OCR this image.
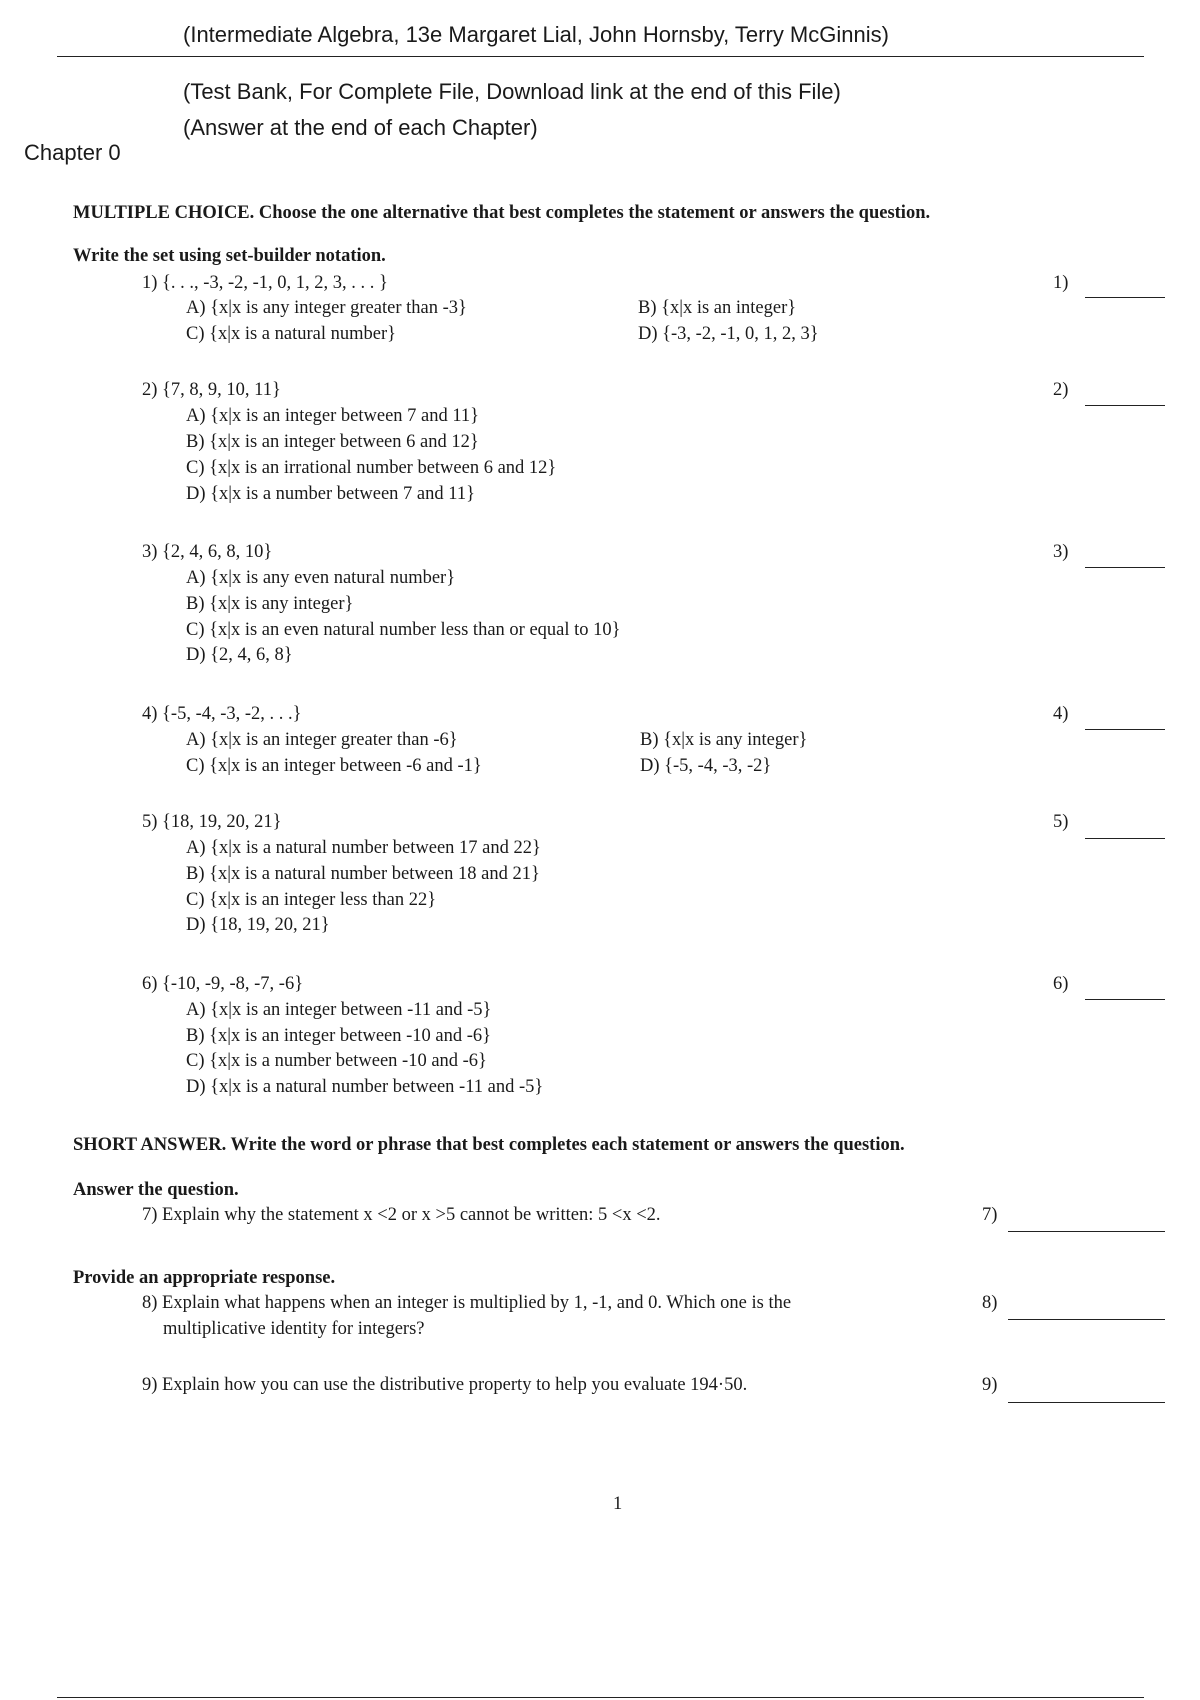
(Intermediate Algebra, 13e Margaret Lial, John Hornsby, Terry McGinnis)
(Test Bank, For Complete File, Download link at the end of this File)
(Answer at the end of each Chapter)
Chapter 0
MULTIPLE CHOICE. Choose the one alternative that best completes the statement or answers the question.
Write the set using set-builder notation.
1) {. . ., -3, -2, -1, 0, 1, 2, 3, . . . }	1)
A) {x|x is any integer greater than -3}	B) {x|x is an integer}
C) {x|x is a natural number}	D) {-3, -2, -1, 0, 1, 2, 3}
2) {7, 8, 9, 10, 11}	2)
A) {x|x is an integer between 7 and 11}
B) {x|x is an integer between 6 and 12}
C) {x|x is an irrational number between 6 and 12}
D) {x|x is a number between 7 and 11}
3) {2, 4, 6, 8, 10}	3)
A) {x|x is any even natural number}
B) {x|x is any integer}
C) {x|x is an even natural number less than or equal to 10}
D) {2, 4, 6, 8}
4) {-5, -4, -3, -2, . . .}	4)
A) {x|x is an integer greater than -6}	B) {x|x is any integer}
C) {x|x is an integer between -6 and -1}	D) {-5, -4, -3, -2}
5) {18, 19, 20, 21}	5)
A) {x|x is a natural number between 17 and 22}
B) {x|x is a natural number between 18 and 21}
C) {x|x is an integer less than 22}
D) {18, 19, 20, 21}
6) {-10, -9, -8, -7, -6}	6)
A) {x|x is an integer between -11 and -5}
B) {x|x is an integer between -10 and -6}
C) {x|x is a number between -10 and -6}
D) {x|x is a natural number between -11 and -5}
SHORT ANSWER. Write the word or phrase that best completes each statement or answers the question.
Answer the question.
7) Explain why the statement x <2 or x >5 cannot be written: 5 <x <2.	7)
Provide an appropriate response.
8) Explain what happens when an integer is multiplied by 1, -1, and 0. Which one is the
multiplicative identity for integers?
8)
9) Explain how you can use the distributive property to help you evaluate 194·50.	9)
1
